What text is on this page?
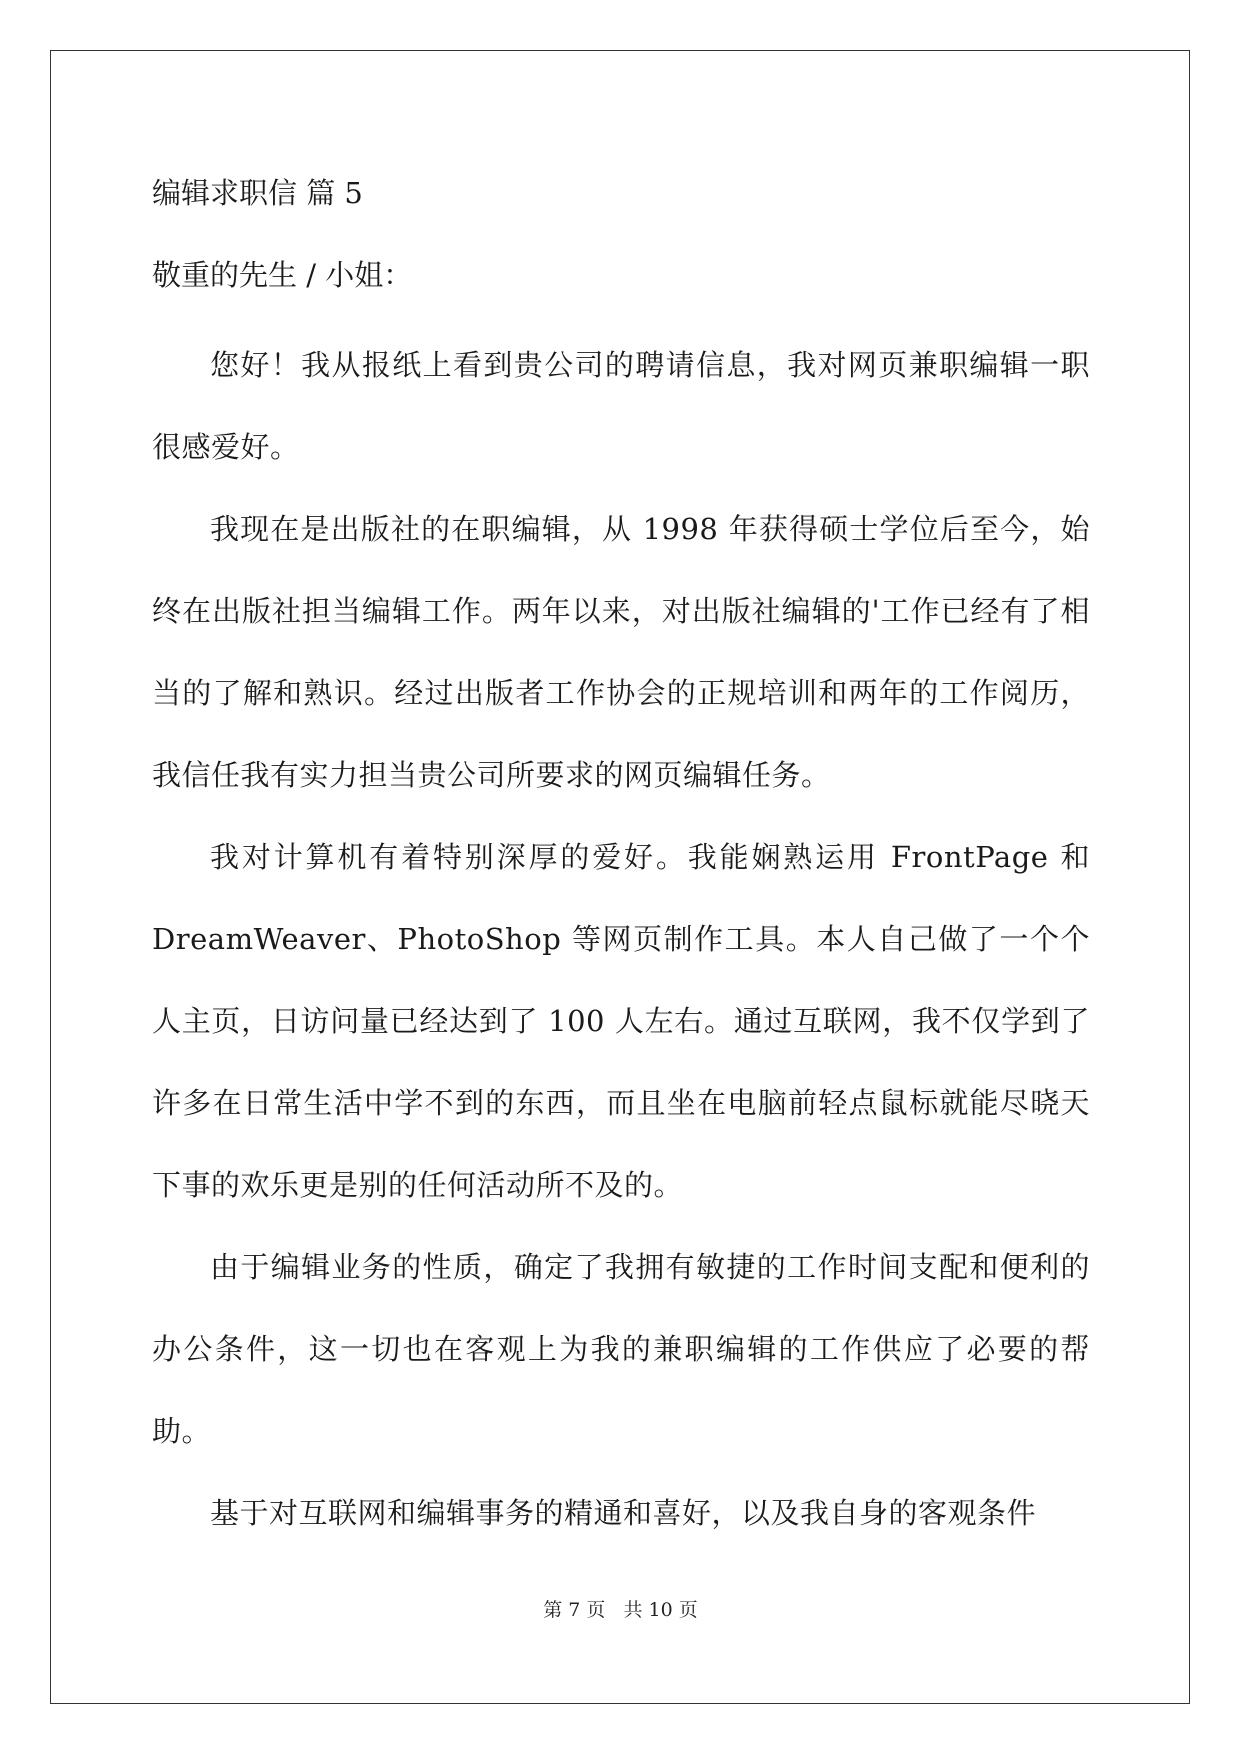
编辑求职信 篇 5

敬重的先生 / 小姐：

您好！我从报纸上看到贵公司的聘请信息，我对网页兼职编辑一职很感爱好。

我现在是出版社的在职编辑，从 1998 年获得硕士学位后至今，始终在出版社担当编辑工作。两年以来，对出版社编辑的'工作已经有了相当的了解和熟识。经过出版者工作协会的正规培训和两年的工作阅历，我信任我有实力担当贵公司所要求的网页编辑任务。

我对计算机有着特别深厚的爱好。我能娴熟运用 FrontPage 和 DreamWeaver、PhotoShop 等网页制作工具。本人自己做了一个个人主页，日访问量已经达到了 100 人左右。通过互联网，我不仅学到了许多在日常生活中学不到的东西，而且坐在电脑前轻点鼠标就能尽晓天下事的欢乐更是别的任何活动所不及的。

由于编辑业务的性质，确定了我拥有敏捷的工作时间支配和便利的办公条件，这一切也在客观上为我的兼职编辑的工作供应了必要的帮助。

基于对互联网和编辑事务的精通和喜好，以及我自身的客观条件

第 7 页 共 10 页
